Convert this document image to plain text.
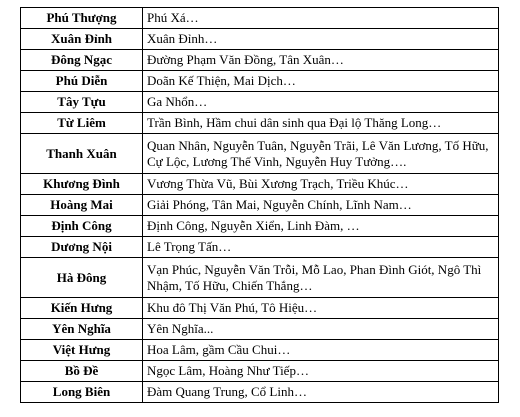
Phú Thượng	Phú Xá…
Xuân Đỉnh	Xuân Đỉnh…
Đông Ngạc	Đường Phạm Văn Đồng, Tân Xuân…
Phú Diễn	Doãn Kế Thiện, Mai Dịch…
Tây Tựu	Ga Nhổn…
Từ Liêm	Trần Bình, Hầm chui dân sinh qua Đại lộ Thăng Long…
Thanh Xuân	Quan Nhân, Nguyễn Tuân, Nguyễn Trãi, Lê Văn Lương, Tố Hữu, Cự Lộc, Lương Thế Vinh, Nguyễn Huy Tưởng….
Khương Đình	Vương Thừa Vũ, Bùi Xương Trạch, Triều Khúc…
Hoàng Mai	Giải Phóng, Tân Mai, Nguyễn Chính, Lĩnh Nam…
Định Công	Định Công, Nguyễn Xiển, Linh Đàm, …
Dương Nội	Lê Trọng Tấn…
Hà Đông	Vạn Phúc, Nguyễn Văn Trỗi, Mỗ Lao, Phan Đình Giót, Ngô Thì Nhậm, Tố Hữu, Chiến Thắng…
Kiến Hưng	Khu đô Thị Văn Phú, Tô Hiệu…
Yên Nghĩa	Yên Nghĩa...
Việt Hưng	Hoa Lâm, gầm Cầu Chui…
Bồ Đề	Ngọc Lâm, Hoàng Như Tiếp…
Long Biên	Đàm Quang Trung, Cổ Linh…
